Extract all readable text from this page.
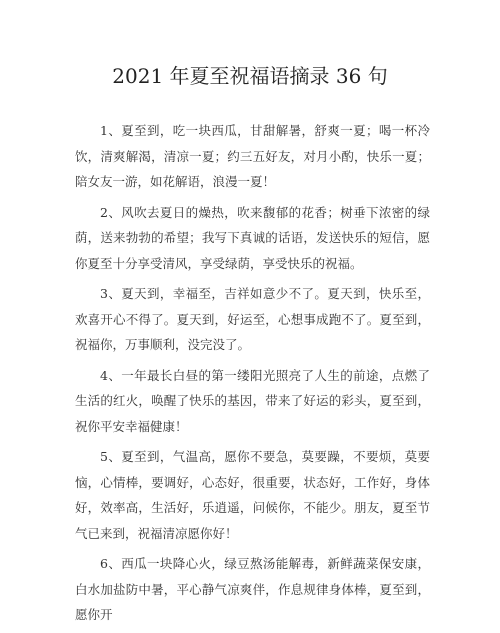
2021 年夏至祝福语摘录 36 句

1、夏至到，吃一块西瓜，甘甜解暑，舒爽一夏；喝一杯冷饮，清爽解渴，清凉一夏；约三五好友，对月小酌，快乐一夏；陪女友一游，如花解语，浪漫一夏！

2、风吹去夏日的燥热，吹来馥郁的花香；树垂下浓密的绿荫，送来勃勃的希望；我写下真诚的话语，发送快乐的短信，愿你夏至十分享受清风，享受绿荫，享受快乐的祝福。

3、夏天到，幸福至，吉祥如意少不了。夏天到，快乐至，欢喜开心不得了。夏天到，好运至，心想事成跑不了。夏至到，祝福你，万事顺利，没完没了。

4、一年最长白昼的第一缕阳光照亮了人生的前途，点燃了生活的红火，唤醒了快乐的基因，带来了好运的彩头，夏至到，祝你平安幸福健康！

5、夏至到，气温高，愿你不要急，莫要躁，不要烦，莫要恼，心情棒，要调好，心态好，很重要，状态好，工作好，身体好，效率高，生活好，乐逍遥，问候你，不能少。朋友，夏至节气已来到，祝福清凉愿你好！

6、西瓜一块降心火，绿豆熬汤能解毒，新鲜蔬菜保安康，白水加盐防中暑，平心静气凉爽伴，作息规律身体棒，夏至到，愿你开
